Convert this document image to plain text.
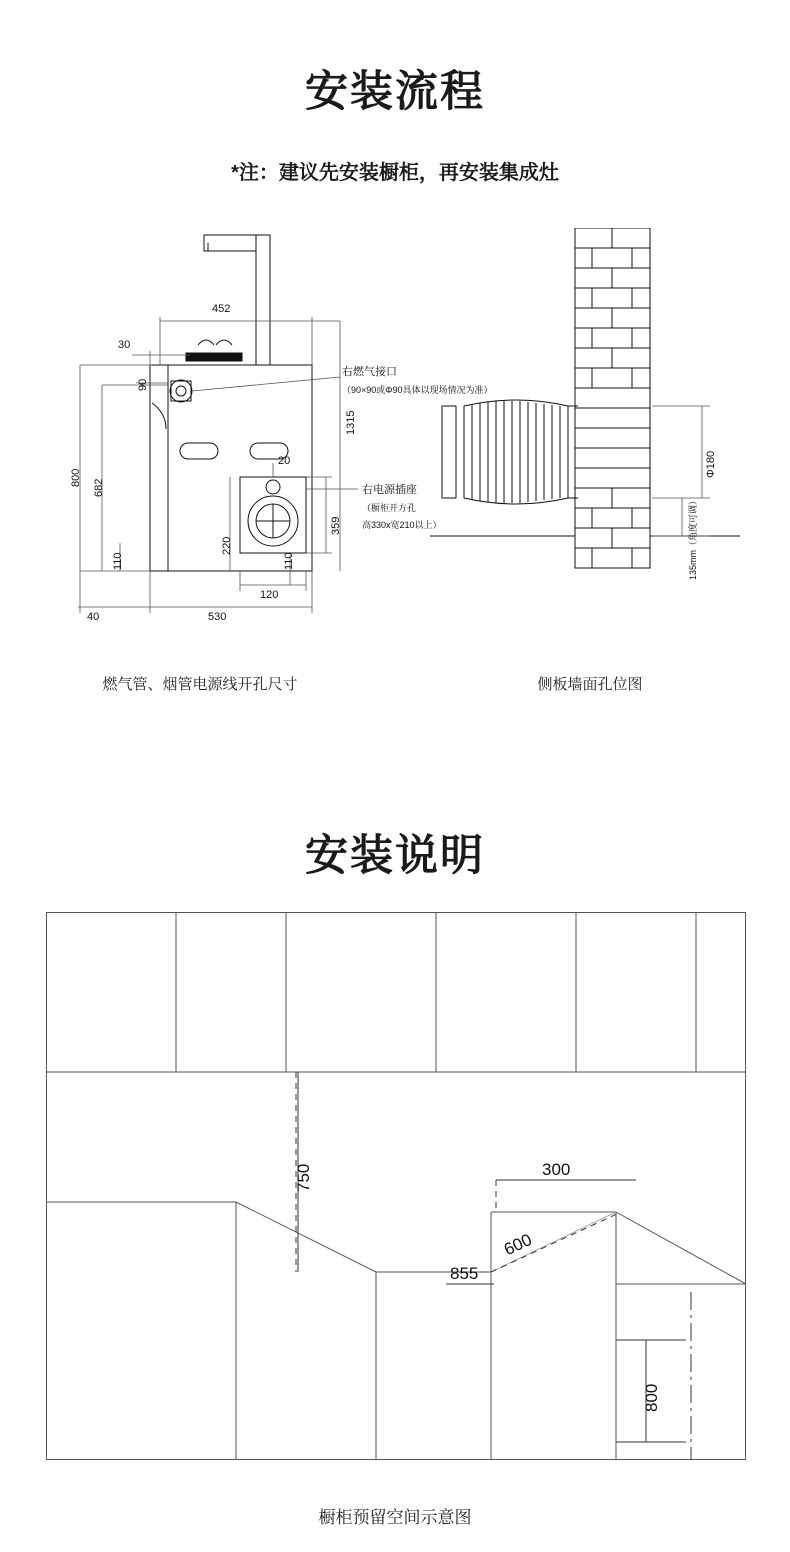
安装流程

*注：建议先安装橱柜，再安装集成灶

452
30
90
1315
800
682
20
359
220
110	110
120
40	530
右燃气接口
（90×90或Φ90具体以现场情况为准）
右电源插座
（橱柜开方孔
高330x宽210以上）

燃气管、烟管电源线开孔尺寸

Φ180
135mm（角度可调）

侧板墙面孔位图

安装说明
750	300
600
855
800

橱柜预留空间示意图
